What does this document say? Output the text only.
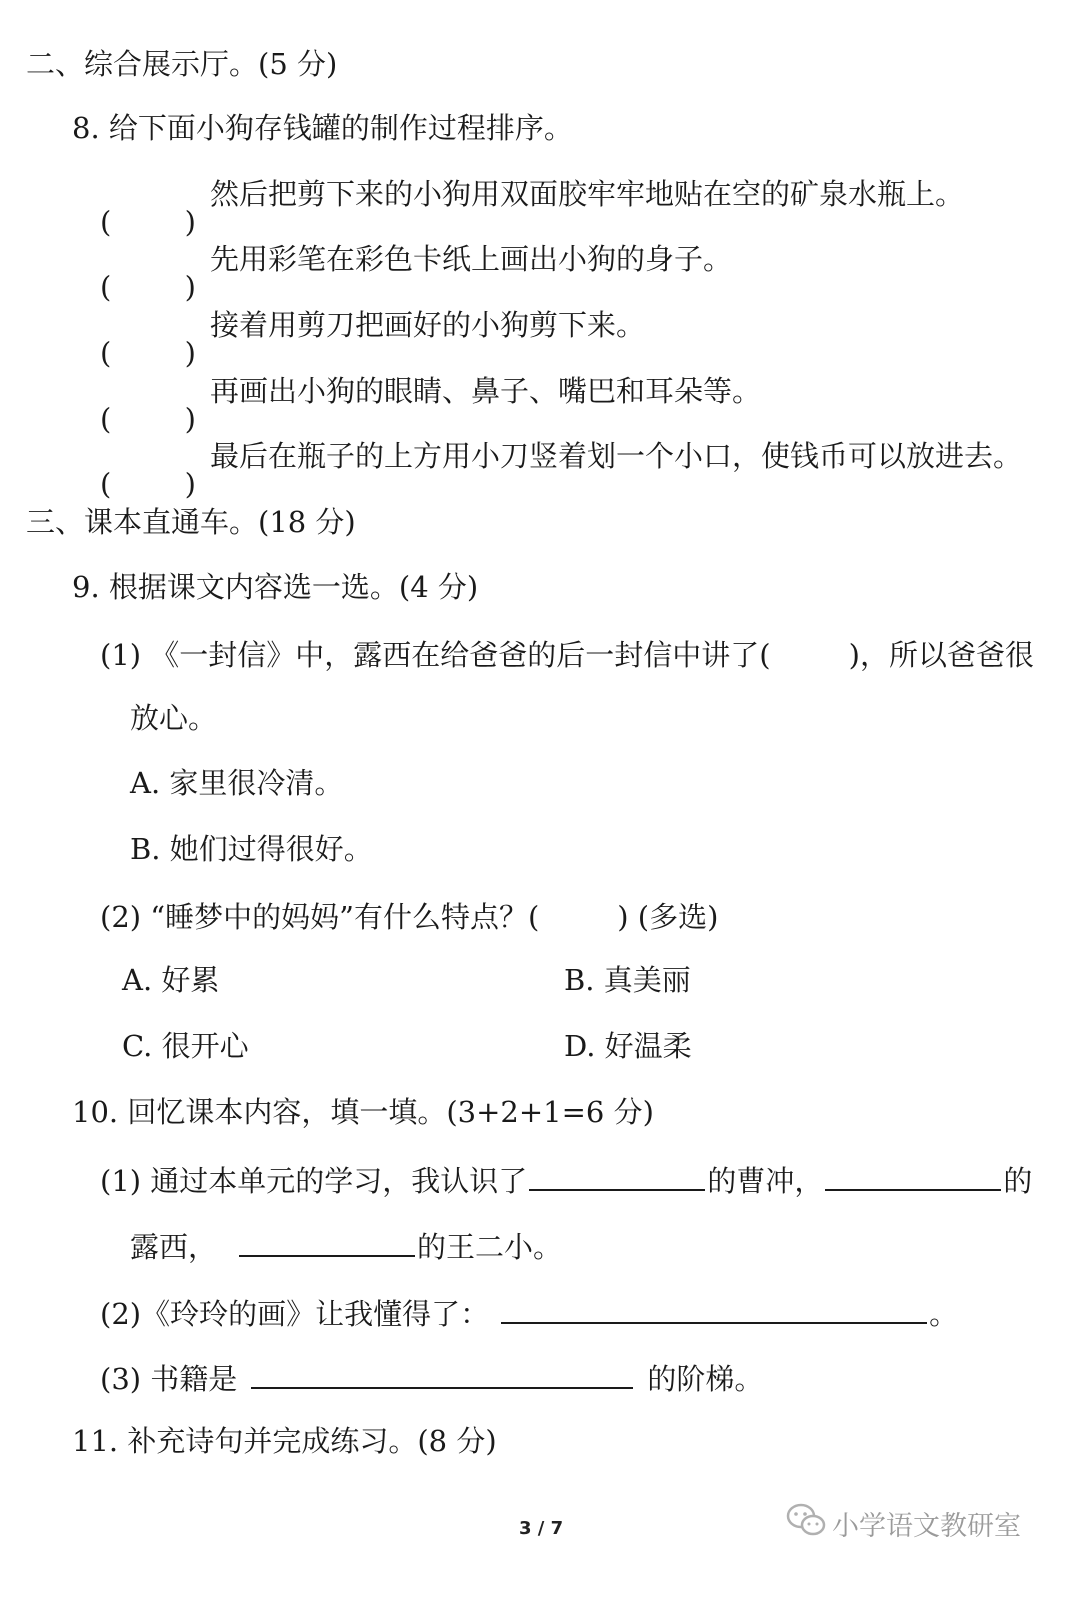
二、综合展示厅。(5 分)
8. 给下面小狗存钱罐的制作过程排序。
(	)
然后把剪下来的小狗用双面胶牢牢地贴在空的矿泉水瓶上。
(	)
先用彩笔在彩色卡纸上画出小狗的身子。
(	)
接着用剪刀把画好的小狗剪下来。
(	)
再画出小狗的眼睛、鼻子、嘴巴和耳朵等。
(	)
最后在瓶子的上方用小刀竖着划一个小口，使钱币可以放进去。
三、课本直通车。(18 分)
9. 根据课文内容选一选。(4 分)
(1) 《一封信》中，露西在给爸爸的后一封信中讲了(	)，所以爸爸很
放心。
A. 家里很冷清。
B. 她们过得很好。
(2) “睡梦中的妈妈”有什么特点？(	) (多选)
A. 好累	B. 真美丽
C. 很开心	D. 好温柔
10. 回忆课本内容，填一填。(3+2+1=6 分)
(1) 通过本单元的学习，我认识了	的曹冲，	的
露西，	的王二小。
(2)《玲玲的画》让我懂得了：	。
(3) 书籍是	的阶梯。
11. 补充诗句并完成练习。(8 分)
3 / 7	小学语文教研室
